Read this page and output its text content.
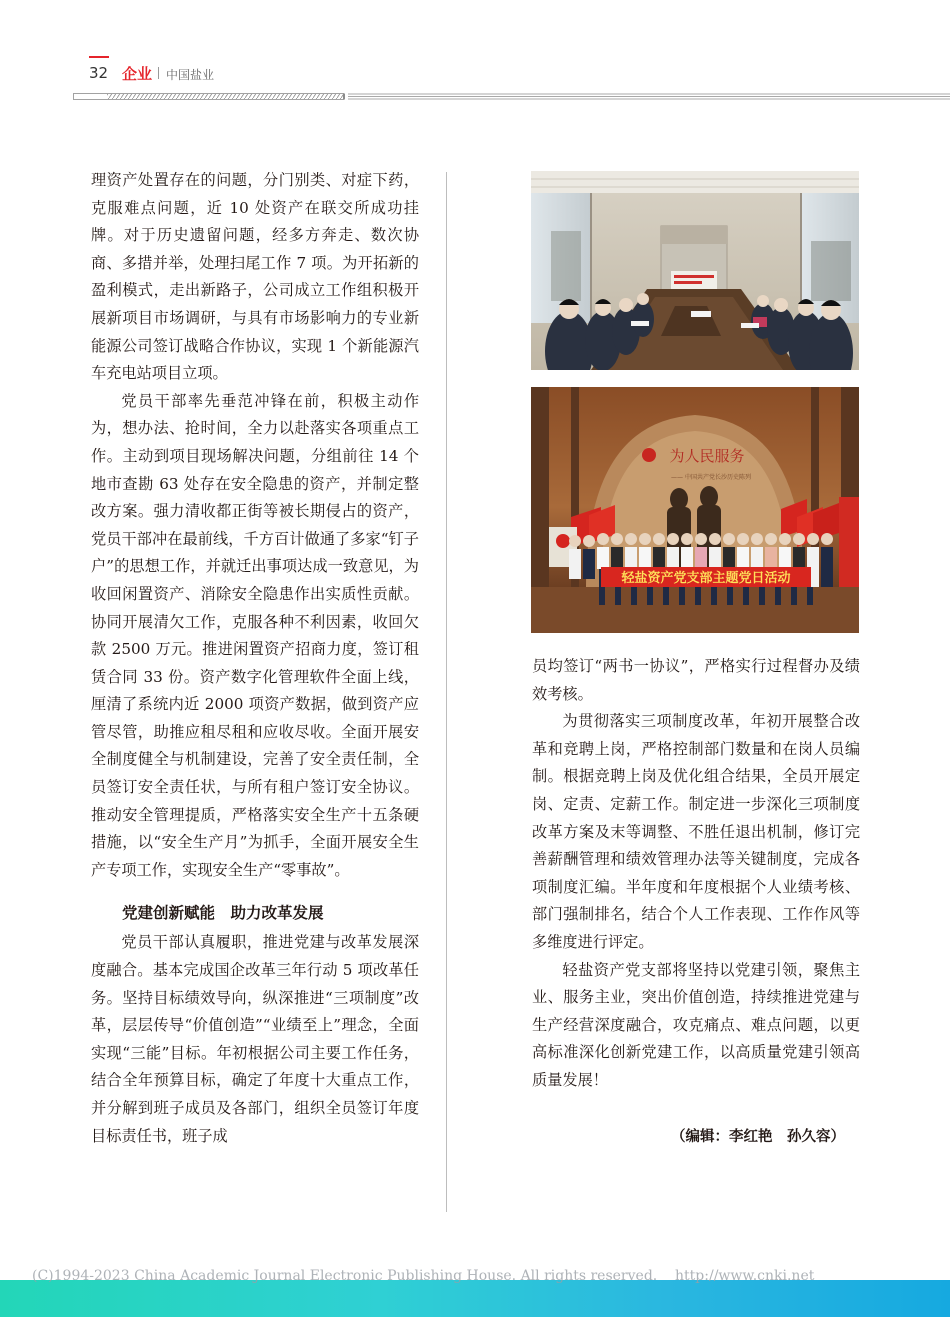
32 企业 中国盐业

理资产处置存在的问题，分门别类、对症下药，克服难点问题，近 10 处资产在联交所成功挂牌。对于历史遗留问题，经多方奔走、数次协商、多措并举，处理扫尾工作 7 项。为开拓新的盈利模式，走出新路子，公司成立工作组积极开展新项目市场调研，与具有市场影响力的专业新能源公司签订战略合作协议，实现 1 个新能源汽车充电站项目立项。

党员干部率先垂范冲锋在前，积极主动作为，想办法、抢时间，全力以赴落实各项重点工作。主动到项目现场解决问题，分组前往 14 个地市查勘 63 处存在安全隐患的资产，并制定整改方案。强力清收都正街等被长期侵占的资产，党员干部冲在最前线，千方百计做通了多家“钉子户”的思想工作，并就迁出事项达成一致意见，为收回闲置资产、消除安全隐患作出实质性贡献。协同开展清欠工作，克服各种不利因素，收回欠款 2500 万元。推进闲置资产招商力度，签订租赁合同 33 份。资产数字化管理软件全面上线，厘清了系统内近 2000 项资产数据，做到资产应管尽管，助推应租尽租和应收尽收。全面开展安全制度健全与机制建设，完善了安全责任制，全员签订安全责任状，与所有租户签订安全协议。推动安全管理提质，严格落实安全生产十五条硬措施，以“安全生产月”为抓手，全面开展安全生产专项工作，实现安全生产“零事故”。

党建创新赋能　助力改革发展

党员干部认真履职，推进党建与改革发展深度融合。基本完成国企改革三年行动 5 项改革任务。坚持目标绩效导向，纵深推进“三项制度”改革，层层传导“价值创造”“业绩至上”理念，全面实现“三能”目标。年初根据公司主要工作任务，结合全年预算目标，确定了年度十大重点工作，并分解到班子成员及各部门，组织全员签订年度目标责任书，班子成

为人民服务
—— 中国共产党长沙历史陈列
轻盐资产党支部主题党日活动

员均签订“两书一协议”，严格实行过程督办及绩效考核。

为贯彻落实三项制度改革，年初开展整合改革和竞聘上岗，严格控制部门数量和在岗人员编制。根据竞聘上岗及优化组合结果，全员开展定岗、定责、定薪工作。制定进一步深化三项制度改革方案及末等调整、不胜任退出机制，修订完善薪酬管理和绩效管理办法等关键制度，完成各项制度汇编。半年度和年度根据个人业绩考核、部门强制排名，结合个人工作表现、工作作风等多维度进行评定。

轻盐资产党支部将坚持以党建引领，聚焦主业、服务主业，突出价值创造，持续推进党建与生产经营深度融合，攻克痛点、难点问题，以更高标准深化创新党建工作，以高质量党建引领高质量发展！

（编辑：李红艳　孙久容）
(C)1994-2023 China Academic Journal Electronic Publishing House. All rights reserved.    http://www.cnki.net
